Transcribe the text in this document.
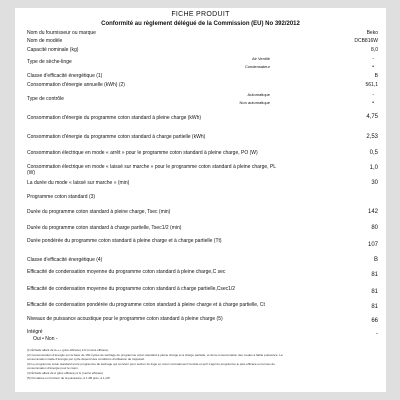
FICHE PRODUIT
Conformité au règlement délégué de la Commission (EU) No 392/2012
Nom du fournisseur ou marque	Beko
Nom de modèle	DCB816W
Capacité nominale (kg)	8,0
Type de sèche-linge
Air Ventilé	-
Condensateur	•
Classe d'efficacité énergétique (1)	B
Consommation d'énergie annuelle (kWh) (2)	561,1
Type de contrôle
Automatique	-
Non automatique	•
Consommation d'énergie du programme coton standard à pleine charge (kWh)	4,75
Consommation d'énergie du programme coton standard à charge partielle (kWh)	2,53
Consommation électrique en mode « arrêt » pour le programme coton standard à pleine charge, PO (W)	0,5
Consommation électrique en mode « laissé sur marche » pour le programme coton standard à pleine charge, PL (W)
1,0
La durée du mode « laissé sur marche » (min)	30
Programme coton standard (3)
Durée du programme coton standard à pleine charge, Tsec (min)	142
Durée du programme coton standard à charge partielle, Tsec1/2 (min)	80
Durée pondérée du programme coton standard à pleine charge et à charge partielle (Tt)
107
Classe d'efficacité énergétique (4)	B
Efficacité de condensation moyenne du programme coton standard à pleine charge,C sec	81
Efficacité de condensation moyenne du programme coton standard à charge partielle,Csec1/2	81
Efficacité de condensation pondérée du programme coton standard à pleine charge et à charge partielle, Ct	81
Niveaux de puissance acoustique pour le programme coton standard à pleine charge (5)	66
Intégré	-
Oui • Non -
(1) Échelle allant de A+++ (plus efficace) à D (moins efficace)
(2) Consommation d'énergie sur la base de 160 cycles de séchage du programme coton standard à pleine charge et à charge partielle, et de la consommation des modes à faible puissance. La consommation réelle d'énergie par cycle dépend des conditions d'utilisation de l'appareil.
(3) Le programme coton standard est le programme de séchage qui convient pour sécher du linge en coton normalement humide et qu'il s'agit du programme le plus efficace en termes de consommation d'énergie pour le coton.
(4) Échelle allant de A (plus efficace) à G (moins efficace)
(5) Pondérée en fonction de la puissance, à 1 dB près, à 1 pW
